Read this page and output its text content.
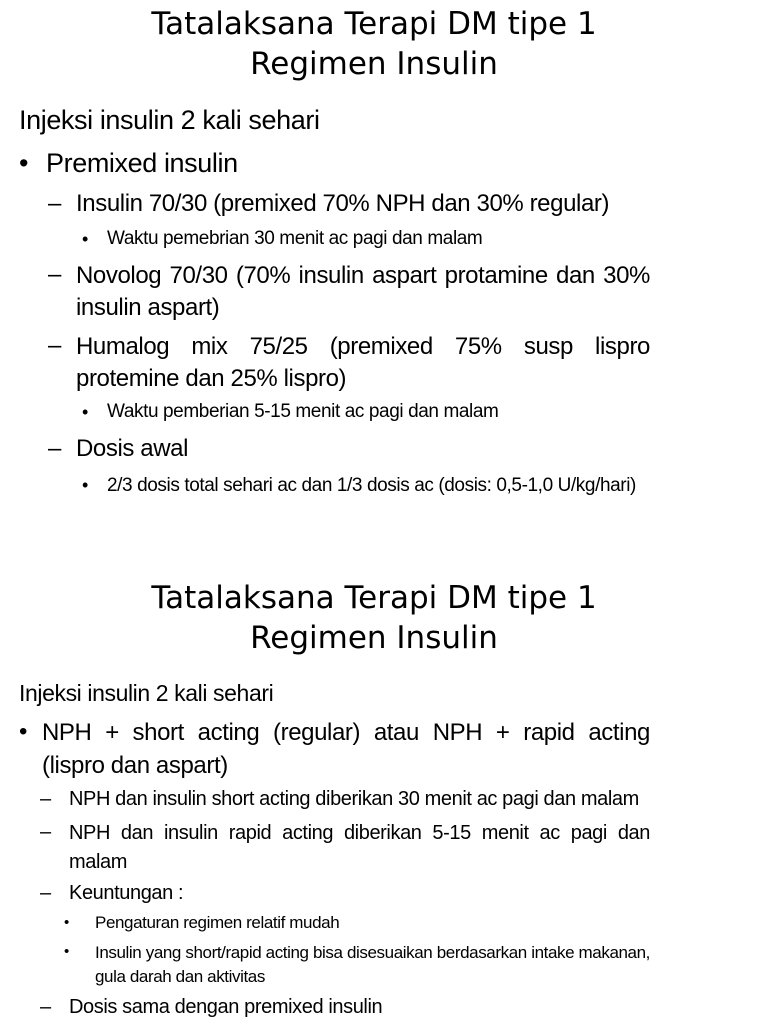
Tatalaksana Terapi DM tipe 1
Regimen Insulin

Injeksi insulin 2 kali sehari

• Premixed insulin

– Insulin 70/30 (premixed 70% NPH dan 30% regular)

• Waktu pemebrian 30 menit ac pagi dan malam

– Novolog 70/30 (70% insulin aspart protamine dan 30% insulin aspart)

– Humalog mix 75/25 (premixed 75% susp lispro protemine dan 25% lispro)

• Waktu pemberian 5-15 menit ac pagi dan malam

– Dosis awal

• 2/3 dosis total sehari ac dan 1/3 dosis ac (dosis: 0,5-1,0 U/kg/hari)

Tatalaksana Terapi DM tipe 1
Regimen Insulin

Injeksi insulin 2 kali sehari

• NPH + short acting (regular) atau NPH + rapid acting (lispro dan aspart)

– NPH dan insulin short acting diberikan 30 menit ac pagi dan malam

– NPH dan insulin rapid acting diberikan 5-15 menit ac pagi dan malam

– Keuntungan :

• Pengaturan regimen relatif mudah

• Insulin yang short/rapid acting bisa disesuaikan berdasarkan intake makanan, gula darah dan aktivitas

– Dosis sama dengan premixed insulin
